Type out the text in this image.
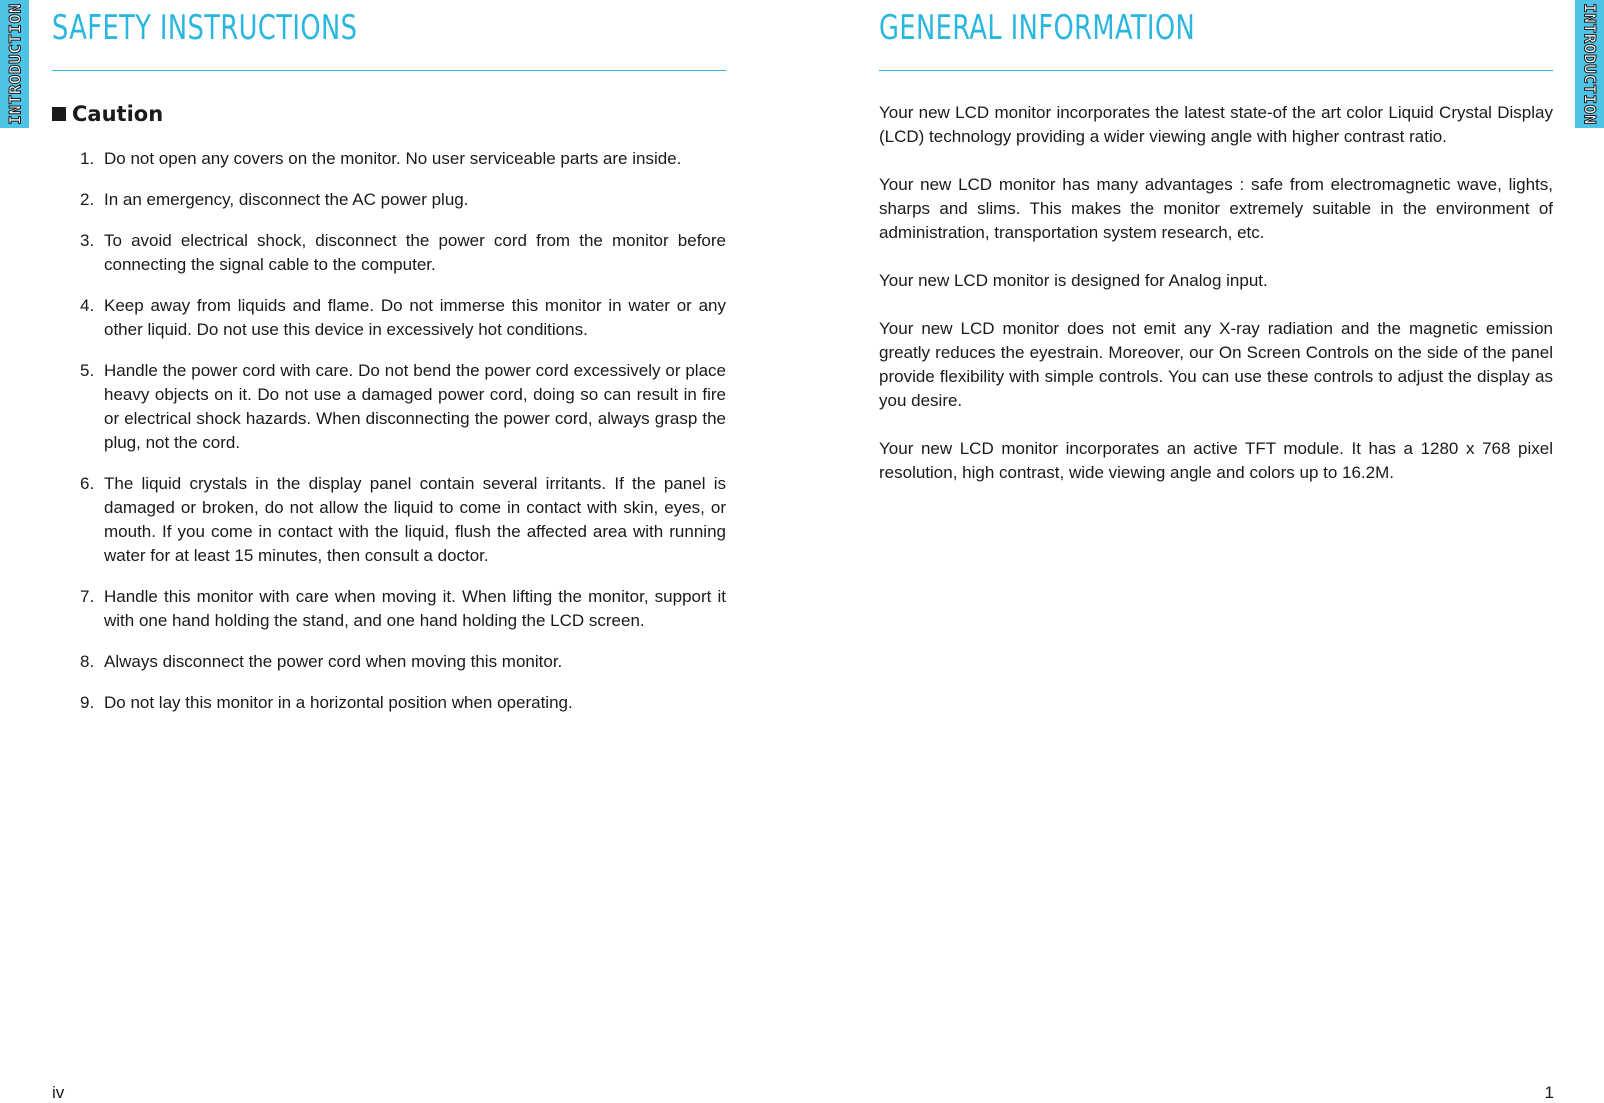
INTRODUCTION SAFETY INSTRUCTIONS
Caution
1. Do not open any covers on the monitor. No user serviceable parts are inside.
2. In an emergency, disconnect the AC power plug.
3. To avoid electrical shock, disconnect the power cord from the monitor before connecting the signal cable to the computer.
4. Keep away from liquids and flame. Do not immerse this monitor in water or any other liquid. Do not use this device in excessively hot conditions.
5. Handle the power cord with care. Do not bend the power cord excessively or place heavy objects on it. Do not use a damaged power cord, doing so can result in fire or electrical shock hazards. When disconnecting the power cord, always grasp the plug, not the cord.
6. The liquid crystals in the display panel contain several irritants. If the panel is damaged or broken, do not allow the liquid to come in contact with skin, eyes, or mouth. If you come in contact with the liquid, flush the affected area with running water for at least 15 minutes, then consult a doctor.
7. Handle this monitor with care when moving it. When lifting the monitor, support it with one hand holding the stand, and one hand holding the LCD screen.
8. Always disconnect the power cord when moving this monitor.
9. Do not lay this monitor in a horizontal position when operating.
iv
GENERAL INFORMATION

Your new LCD monitor incorporates the latest state-of the art color Liquid Crystal Display (LCD) technology providing a wider viewing angle with higher contrast ratio.

Your new LCD monitor has many advantages : safe from electromagnetic wave, lights, sharps and slims. This makes the monitor extremely suitable in the environment of administration, transportation system research, etc.

Your new LCD monitor is designed for Analog input.

Your new LCD monitor does not emit any X-ray radiation and the magnetic emission greatly reduces the eyestrain. Moreover, our On Screen Controls on the side of the panel provide flexibility with simple controls. You can use these controls to adjust the display as you desire.

Your new LCD monitor incorporates an active TFT module. It has a 1280 x 768 pixel resolution, high contrast, wide viewing angle and colors up to 16.2M.

INTRODUCTION
1
